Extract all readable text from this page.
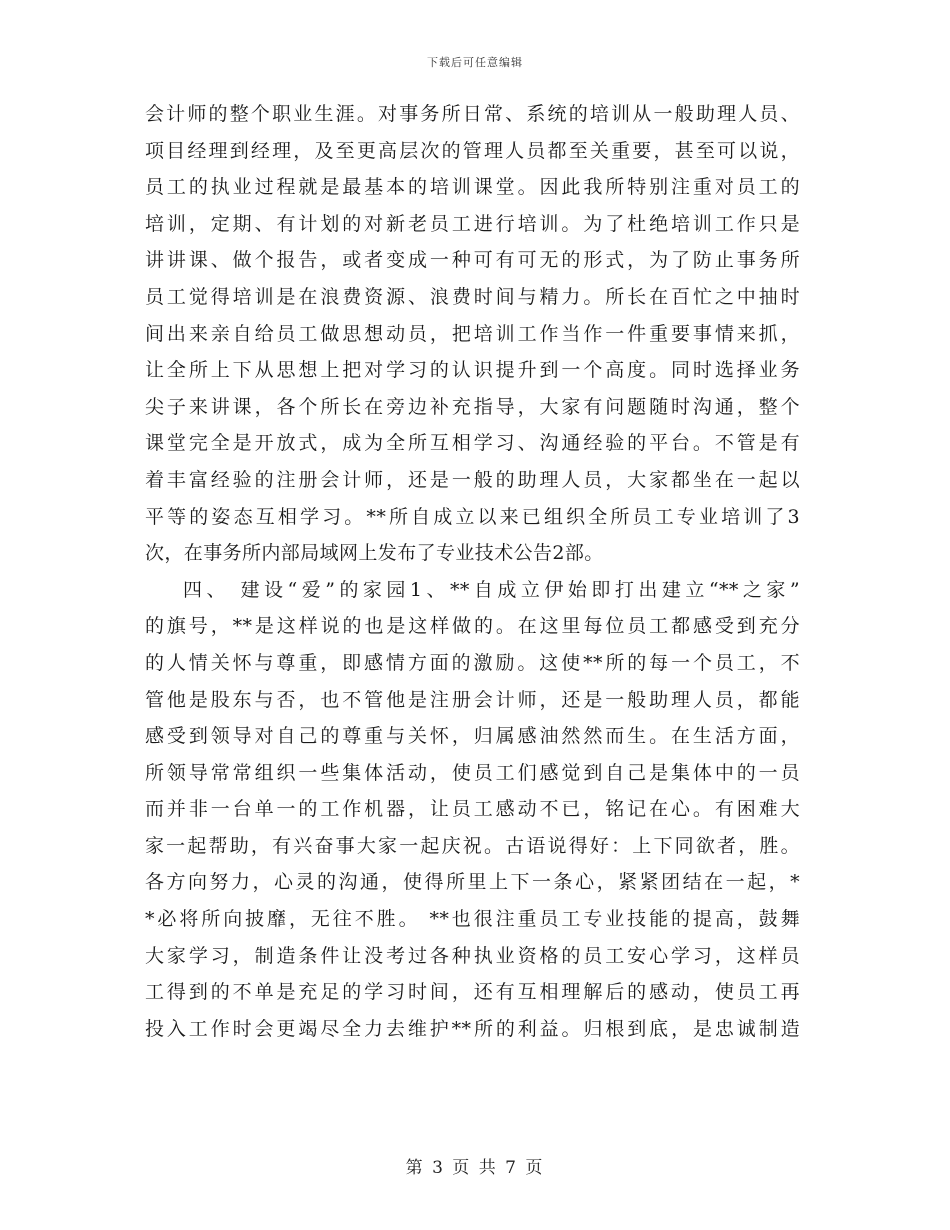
下载后可任意编辑
会计师的整个职业生涯。对事务所日常、系统的培训从一般助理人员、
项目经理到经理，及至更高层次的管理人员都至关重要，甚至可以说，
员工的执业过程就是最基本的培训课堂。因此我所特别注重对员工的
培训，定期、有计划的对新老员工进行培训。为了杜绝培训工作只是
讲讲课、做个报告，或者变成一种可有可无的形式，为了防止事务所
员工觉得培训是在浪费资源、浪费时间与精力。所长在百忙之中抽时
间出来亲自给员工做思想动员，把培训工作当作一件重要事情来抓，
让全所上下从思想上把对学习的认识提升到一个高度。同时选择业务
尖子来讲课，各个所长在旁边补充指导，大家有问题随时沟通，整个
课堂完全是开放式，成为全所互相学习、沟通经验的平台。不管是有
着丰富经验的注册会计师，还是一般的助理人员，大家都坐在一起以
平等的姿态互相学习。**所自成立以来已组织全所员工专业培训了3
次，在事务所内部局域网上发布了专业技术公告2部。
四、 建设“爱”的家园1、**自成立伊始即打出建立“**之家”
的旗号，**是这样说的也是这样做的。在这里每位员工都感受到充分
的人情关怀与尊重，即感情方面的激励。这使**所的每一个员工，不
管他是股东与否，也不管他是注册会计师，还是一般助理人员，都能
感受到领导对自己的尊重与关怀，归属感油然然而生。在生活方面，
所领导常常组织一些集体活动，使员工们感觉到自己是集体中的一员
而并非一台单一的工作机器，让员工感动不已，铭记在心。有困难大
家一起帮助，有兴奋事大家一起庆祝。古语说得好：上下同欲者，胜。
各方向努力，心灵的沟通，使得所里上下一条心，紧紧团结在一起，*
*必将所向披靡，无往不胜。 **也很注重员工专业技能的提高，鼓舞
大家学习，制造条件让没考过各种执业资格的员工安心学习，这样员
工得到的不单是充足的学习时间，还有互相理解后的感动，使员工再
投入工作时会更竭尽全力去维护**所的利益。归根到底，是忠诚制造
第 3 页 共 7 页
